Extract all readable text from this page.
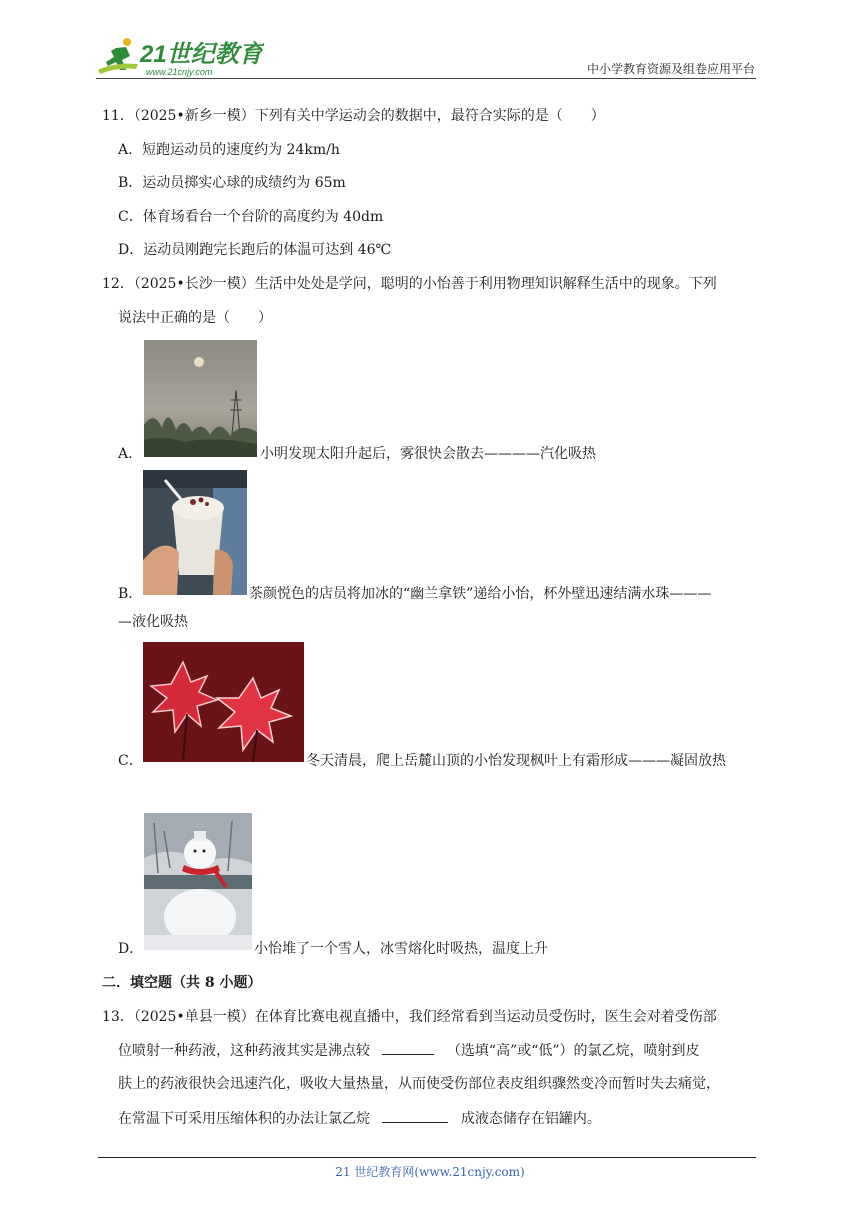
21世纪教育
www.21cnjy.com	中小学教育资源及组卷应用平台
11．（2025•新乡一模）下列有关中学运动会的数据中，最符合实际的是（　　）
A．短跑运动员的速度约为 24km/h
B．运动员掷实心球的成绩约为 65m
C．体育场看台一个台阶的高度约为 40dm
D．运动员刚跑完长跑后的体温可达到 46℃
12．（2025•长沙一模）生活中处处是学问，聪明的小怡善于利用物理知识解释生活中的现象。下列
说法中正确的是（　　）
A．	小明发现太阳升起后，雾很快会散去————汽化吸热
B．	茶颜悦色的店员将加冰的“幽兰拿铁”递给小怡，杯外壁迅速结满水珠———
—液化吸热
C．	冬天清晨，爬上岳麓山顶的小怡发现枫叶上有霜形成———凝固放热
D．	小怡堆了一个雪人，冰雪熔化时吸热，温度上升
二．填空题（共 8 小题）
13．（2025•单县一模）在体育比赛电视直播中，我们经常看到当运动员受伤时，医生会对着受伤部
位喷射一种药液，这种药液其实是沸点较	（选填“高”或“低”）的氯乙烷，喷射到皮
肤上的药液很快会迅速汽化，吸收大量热量，从而使受伤部位表皮组织骤然变冷而暂时失去痛觉，
在常温下可采用压缩体积的办法让氯乙烷	成液态储存在铝罐内。
21 世纪教育网(www.21cnjy.com)
